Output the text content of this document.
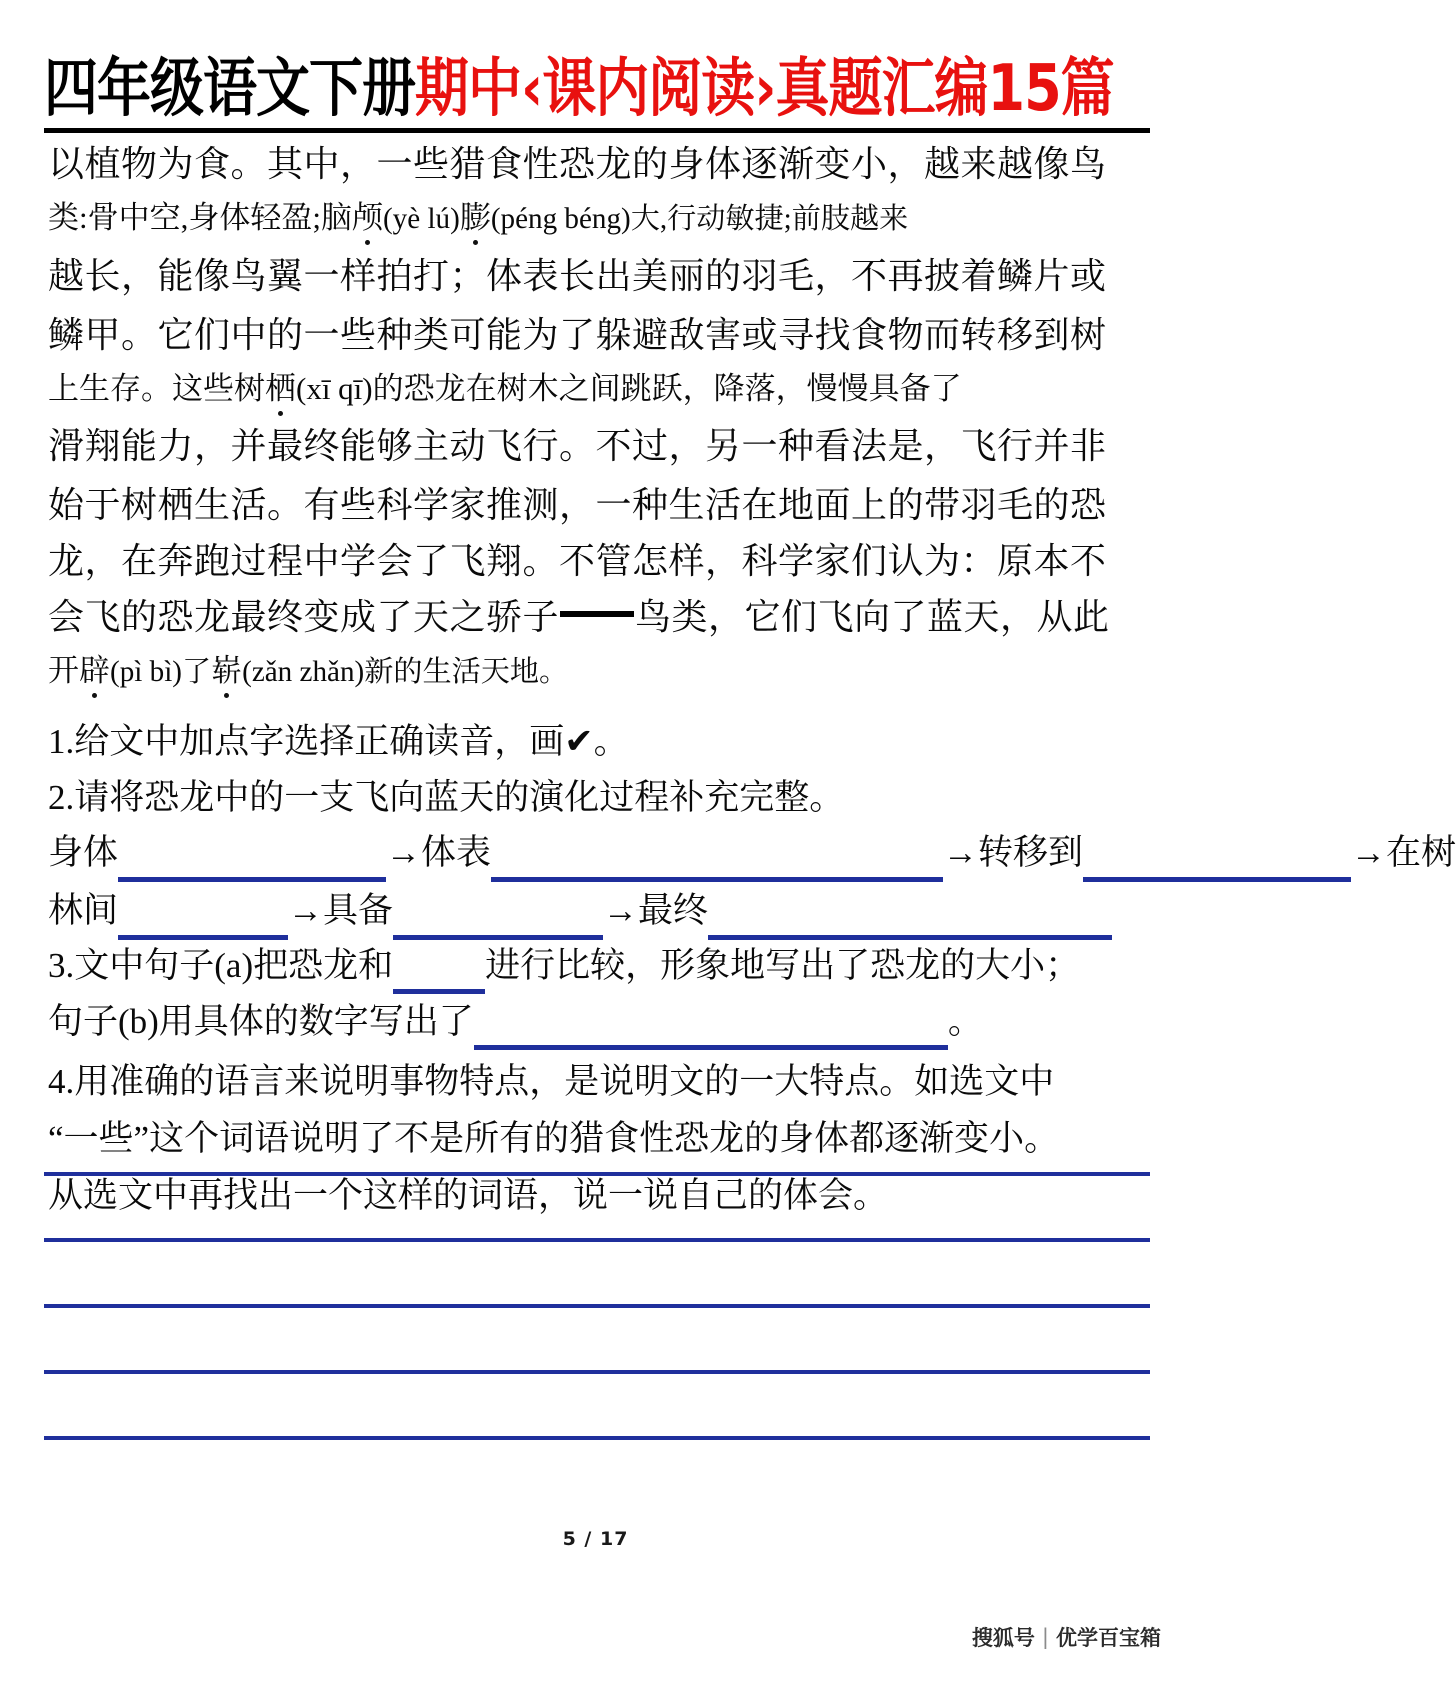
四年级语文下册期中‹课内阅读›真题汇编15篇
以植物为食。其中，一些猎食性恐龙的身体逐渐变小，越来越像鸟
类:骨中空,身体轻盈;脑颅(yè lú)膨(péng béng)大,行动敏捷;前肢越来
越长，能像鸟翼一样拍打；体表长出美丽的羽毛，不再披着鳞片或
鳞甲。它们中的一些种类可能为了躲避敌害或寻找食物而转移到树
上生存。这些树栖(xī qī)的恐龙在树木之间跳跃，降落，慢慢具备了
滑翔能力，并最终能够主动飞行。不过，另一种看法是，飞行并非
始于树栖生活。有些科学家推测，一种生活在地面上的带羽毛的恐
龙，在奔跑过程中学会了飞翔。不管怎样，科学家们认为：原本不
会飞的恐龙最终变成了天之骄子 鸟类，它们飞向了蓝天，从此
开辟(pì bì)了崭(zǎn zhǎn)新的生活天地。
1.给文中加点字选择正确读音，画✔。
2.请将恐龙中的一支飞向蓝天的演化过程补充完整。
身体	→体表	→转移到	→在树
林间	→具备	→最终
3.文中句子(a)把恐龙和	进行比较，形象地写出了恐龙的大小；
句子(b)用具体的数字写出了	。
4.用准确的语言来说明事物特点，是说明文的一大特点。如选文中
“一些”这个词语说明了不是所有的猎食性恐龙的身体都逐渐变小。
从选文中再找出一个这样的词语，说一说自己的体会。
5 / 17
搜狐号 | 优学百宝箱
